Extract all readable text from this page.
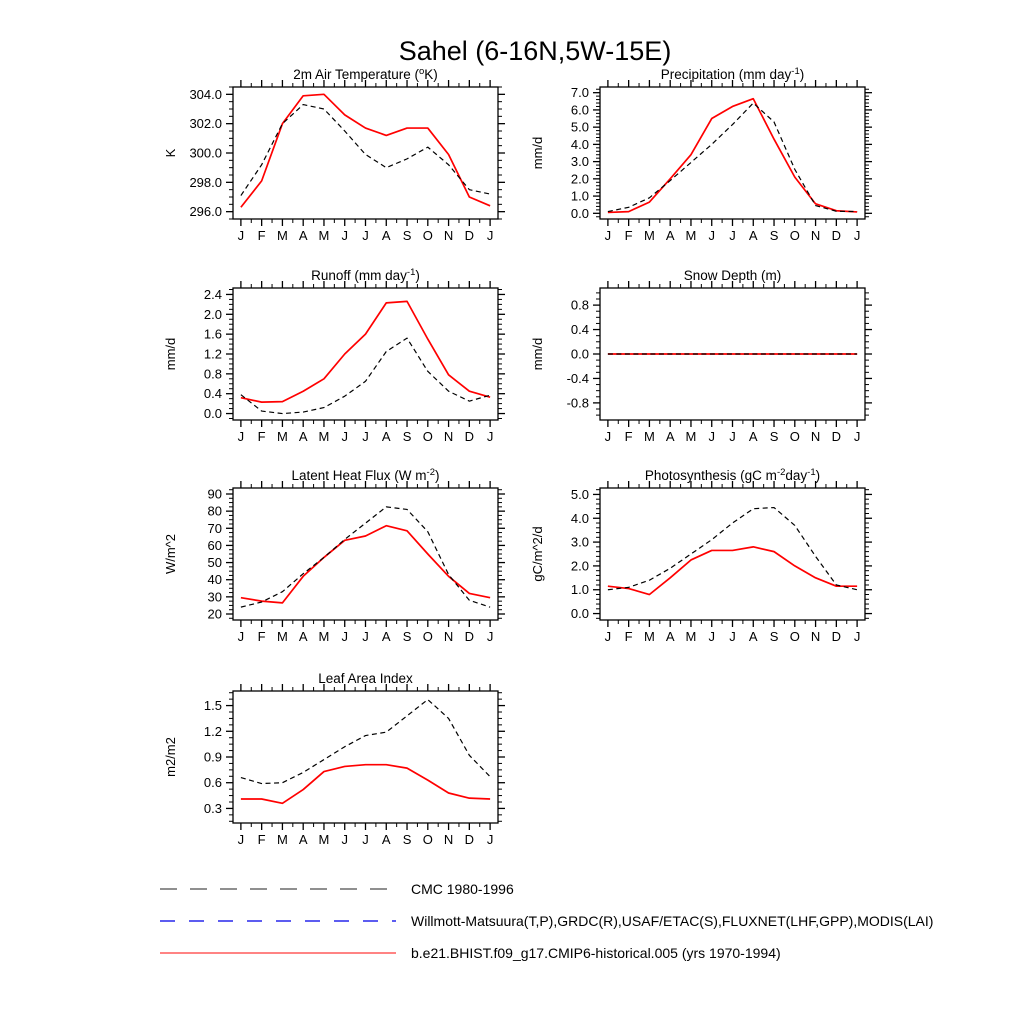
Sahel (6-16N,5W-15E)
2m Air Temperature ($^o$K)
K
296.0
298.0
300.0
302.0
304.0
J F M A M J J A S O N D J
Precipitation (mm day$^{-1}$)
mm/d
0.0
1.0
2.0
3.0
4.0
5.0
6.0
7.0
J F M A M J J A S O N D J
Runoff (mm day$^{-1}$)
mm/d
0.0
0.4
0.8
1.2
1.6
2.0
2.4
J F M A M J J A S O N D J
Snow Depth (m)
mm/d
-0.8
-0.4
0.0
0.4
0.8
J F M A M J J A S O N D J
Latent Heat Flux (W $m^{-2}$)
W/m^2
20
30
40
50
60
70
80
90
J F M A M J J A S O N D J
Photosynthesis (gC $m^{-2}day^{-1}$)
gC/m^2/d
0.0
1.0
2.0
3.0
4.0
5.0
J F M A M J J A S O N D J
Leaf Area Index
m2/m2
0.3
0.6
0.9
1.2
1.5
J F M A M J J A S O N D J
CMC 1980-1996
Willmott-Matsuura(T,P),GRDC(R),USAF/ETAC(S),FLUXNET(LHF,GPP),MODIS(LAI)
b.e21.BHIST.f09_g17.CMIP6-historical.005 (yrs 1970-1994)
